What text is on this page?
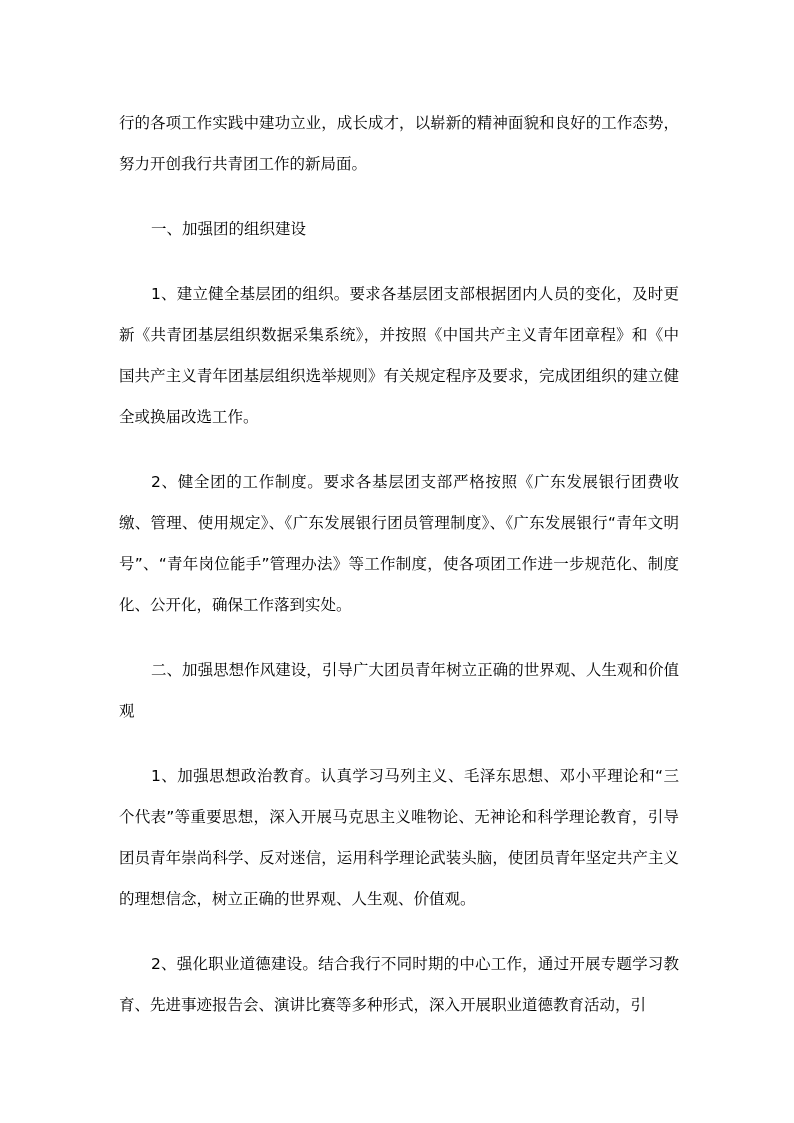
行的各项工作实践中建功立业，成长成才，以崭新的精神面貌和良好的工作态势，努力开创我行共青团工作的新局面。

一、加强团的组织建设

1、建立健全基层团的组织。要求各基层团支部根据团内人员的变化，及时更新《共青团基层组织数据采集系统》，并按照《中国共产主义青年团章程》和《中国共产主义青年团基层组织选举规则》有关规定程序及要求，完成团组织的建立健全或换届改选工作。

2、健全团的工作制度。要求各基层团支部严格按照《广东发展银行团费收缴、管理、使用规定》、《广东发展银行团员管理制度》、《广东发展银行“青年文明号”、“青年岗位能手”管理办法》等工作制度，使各项团工作进一步规范化、制度化、公开化，确保工作落到实处。

二、加强思想作风建设，引导广大团员青年树立正确的世界观、人生观和价值观

1、加强思想政治教育。认真学习马列主义、毛泽东思想、邓小平理论和“三个代表”等重要思想，深入开展马克思主义唯物论、无神论和科学理论教育，引导团员青年崇尚科学、反对迷信，运用科学理论武装头脑，使团员青年坚定共产主义的理想信念，树立正确的世界观、人生观、价值观。

2、强化职业道德建设。结合我行不同时期的中心工作，通过开展专题学习教育、先进事迹报告会、演讲比赛等多种形式，深入开展职业道德教育活动，引
